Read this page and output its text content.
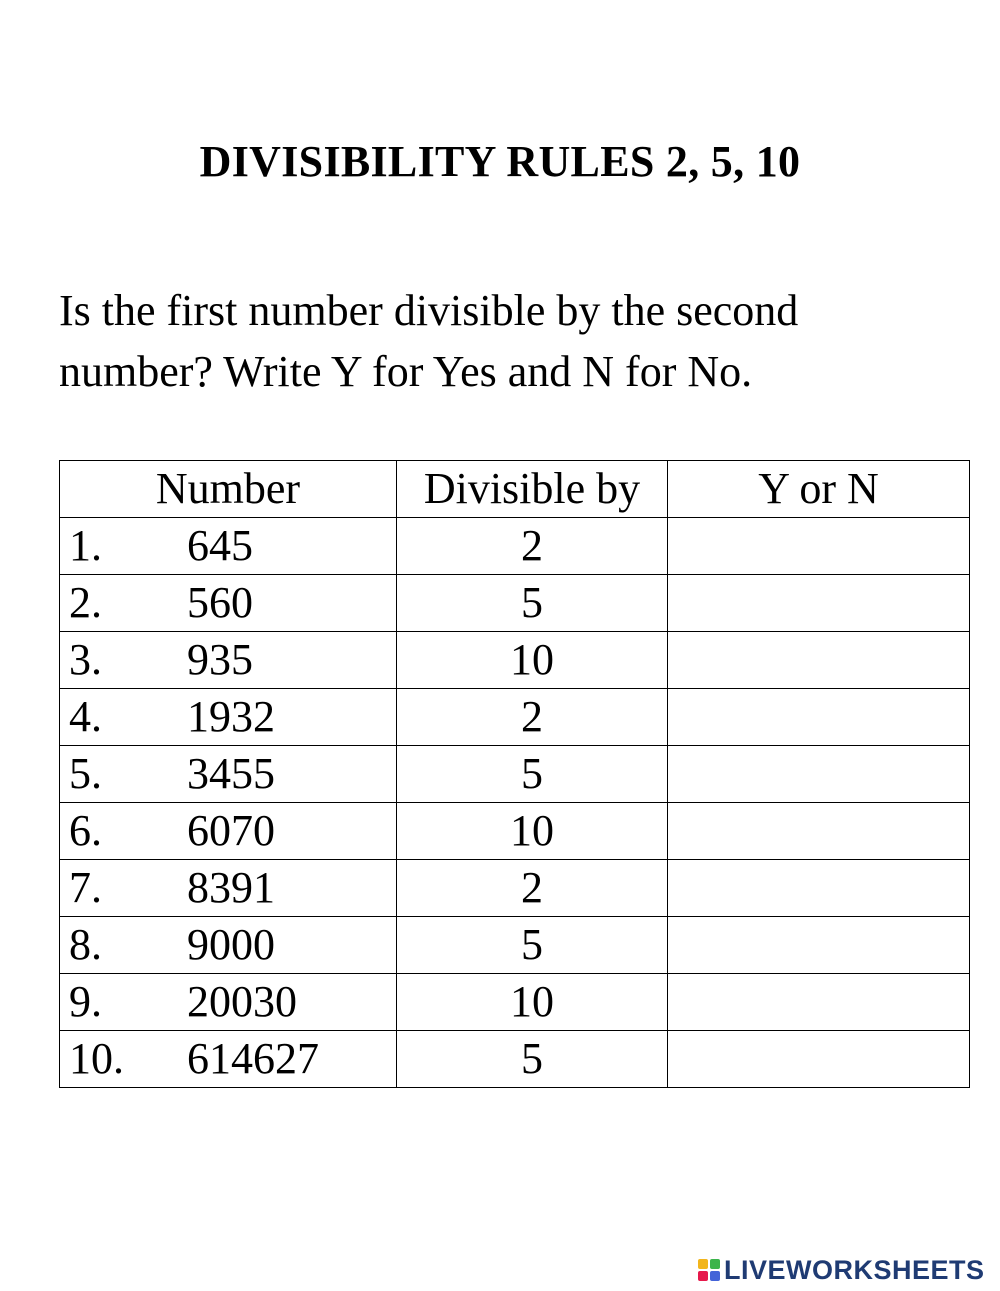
DIVISIBILITY RULES 2, 5, 10
Is the first number divisible by the second
number? Write Y for Yes and N for No.
Number	Divisible by	Y or N
1. 645	2	
2. 560	5	
3. 935	10	
4. 1932	2	
5. 3455	5	
6. 6070	10	
7. 8391	2	
8. 9000	5	
9. 20030	10	
10. 614627	5	
LIVEWORKSHEETS
